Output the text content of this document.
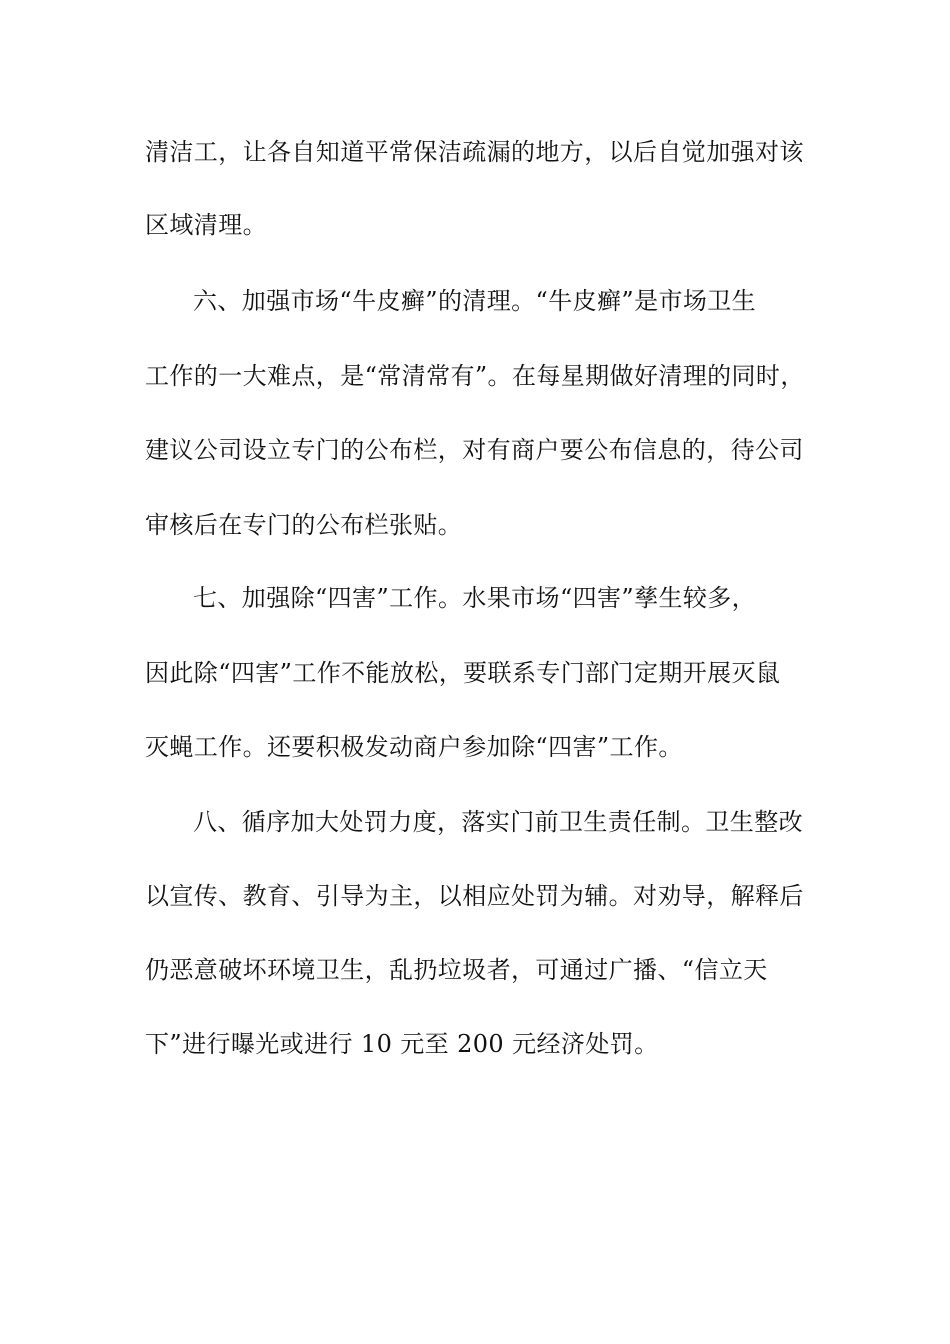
清洁工，让各自知道平常保洁疏漏的地方，以后自觉加强对该
区域清理。
六、加强市场“牛皮癣”的清理。“牛皮癣”是市场卫生
工作的一大难点，是“常清常有”。在每星期做好清理的同时，
建议公司设立专门的公布栏，对有商户要公布信息的，待公司
审核后在专门的公布栏张贴。
七、加强除“四害”工作。水果市场“四害”孳生较多，
因此除“四害”工作不能放松，要联系专门部门定期开展灭鼠
灭蝇工作。还要积极发动商户参加除“四害”工作。
八、循序加大处罚力度，落实门前卫生责任制。卫生整改
以宣传、教育、引导为主，以相应处罚为辅。对劝导，解释后
仍恶意破坏环境卫生，乱扔垃圾者，可通过广播、“信立天
下”进行曝光或进行 10 元至 200 元经济处罚。
